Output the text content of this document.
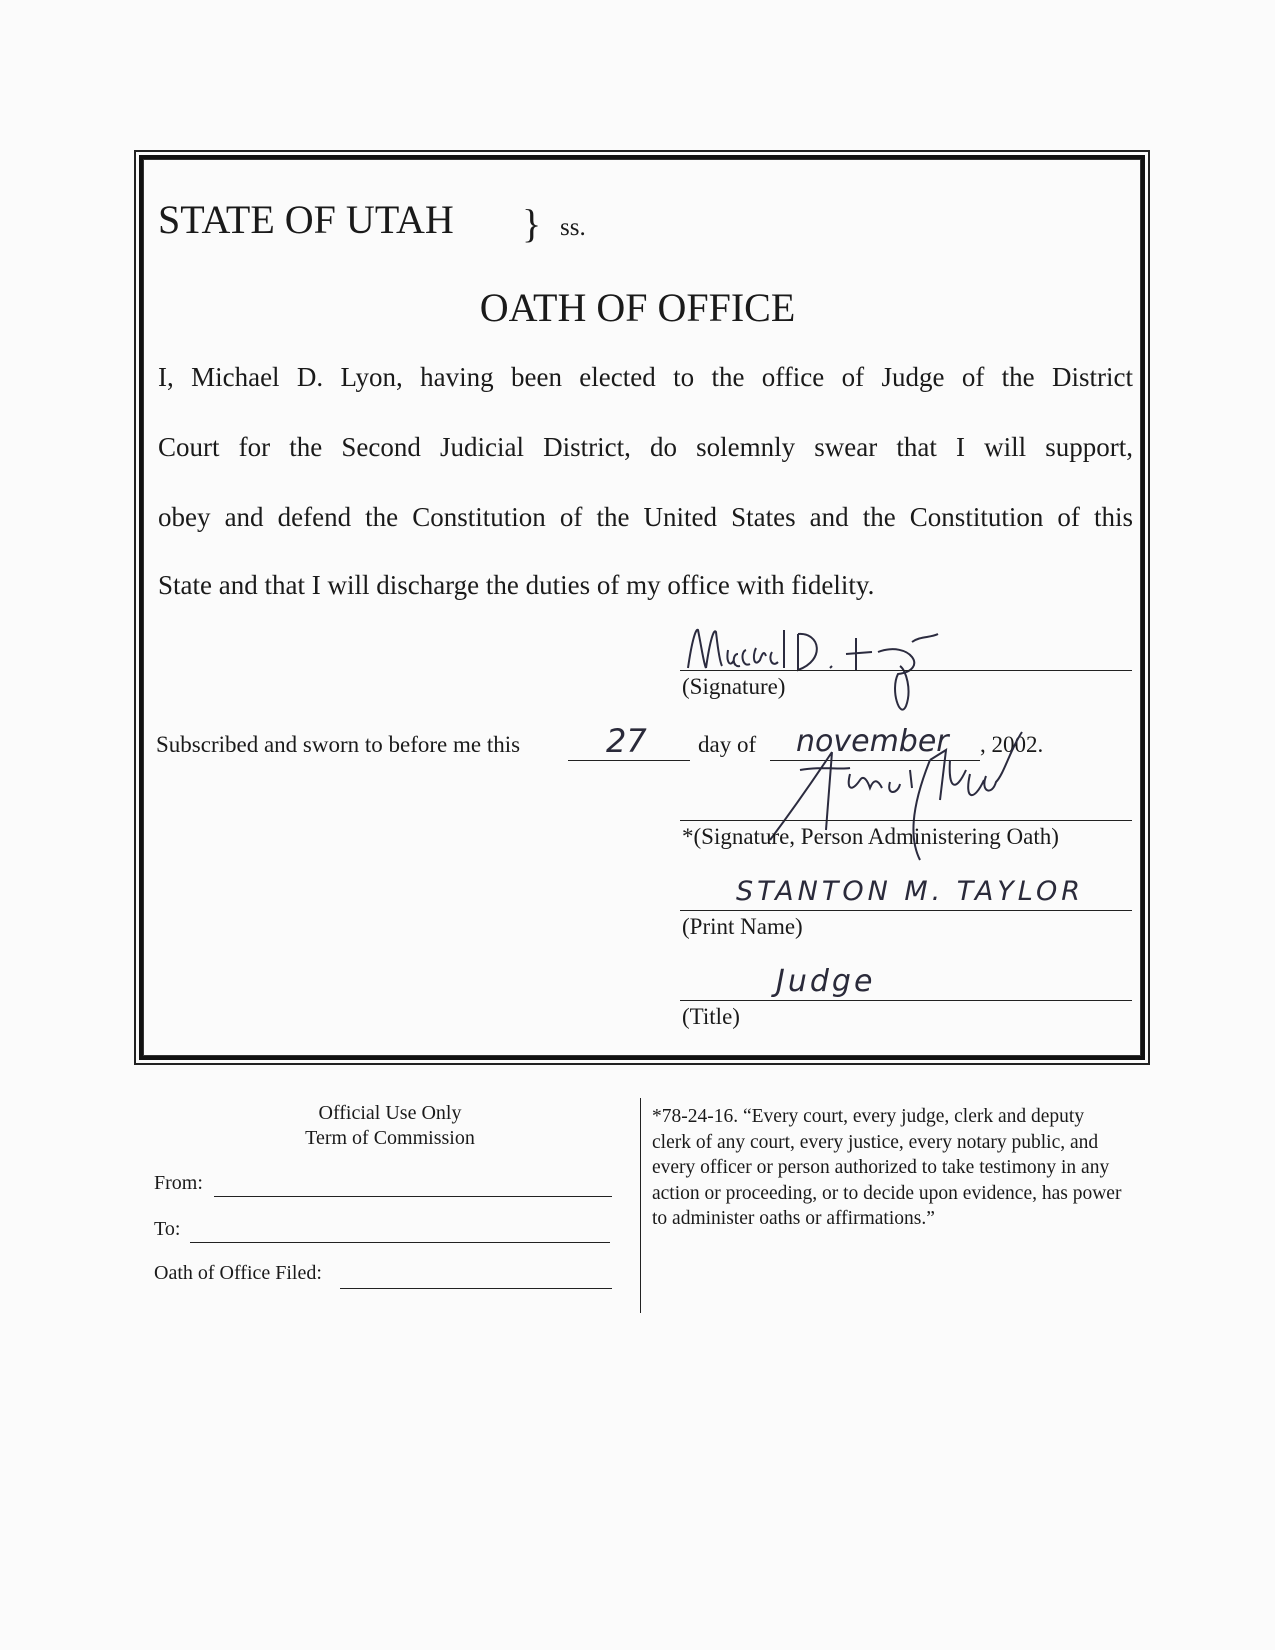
STATE OF UTAH } ss.
OATH OF OFFICE
I, Michael D. Lyon, having been elected to the office of Judge of the District
Court for the Second Judicial District, do solemnly swear that I will support,
obey and defend the Constitution of the United States and the Constitution of this
State and that I will discharge the duties of my office with fidelity.
(Signature)
Subscribed and sworn to before me this	27 day of november , 2002.
*(Signature, Person Administering Oath)
STANTON M. TAYLOR
(Print Name)
Judge
(Title)
Official Use Only
Term of Commission
From:
To:
Oath of Office Filed:
*78-24-16. “Every court, every judge, clerk and deputy clerk of any court, every justice, every notary public, and every officer or person authorized to take testimony in any action or proceeding, or to decide upon evidence, has power to administer oaths or affirmations.”
